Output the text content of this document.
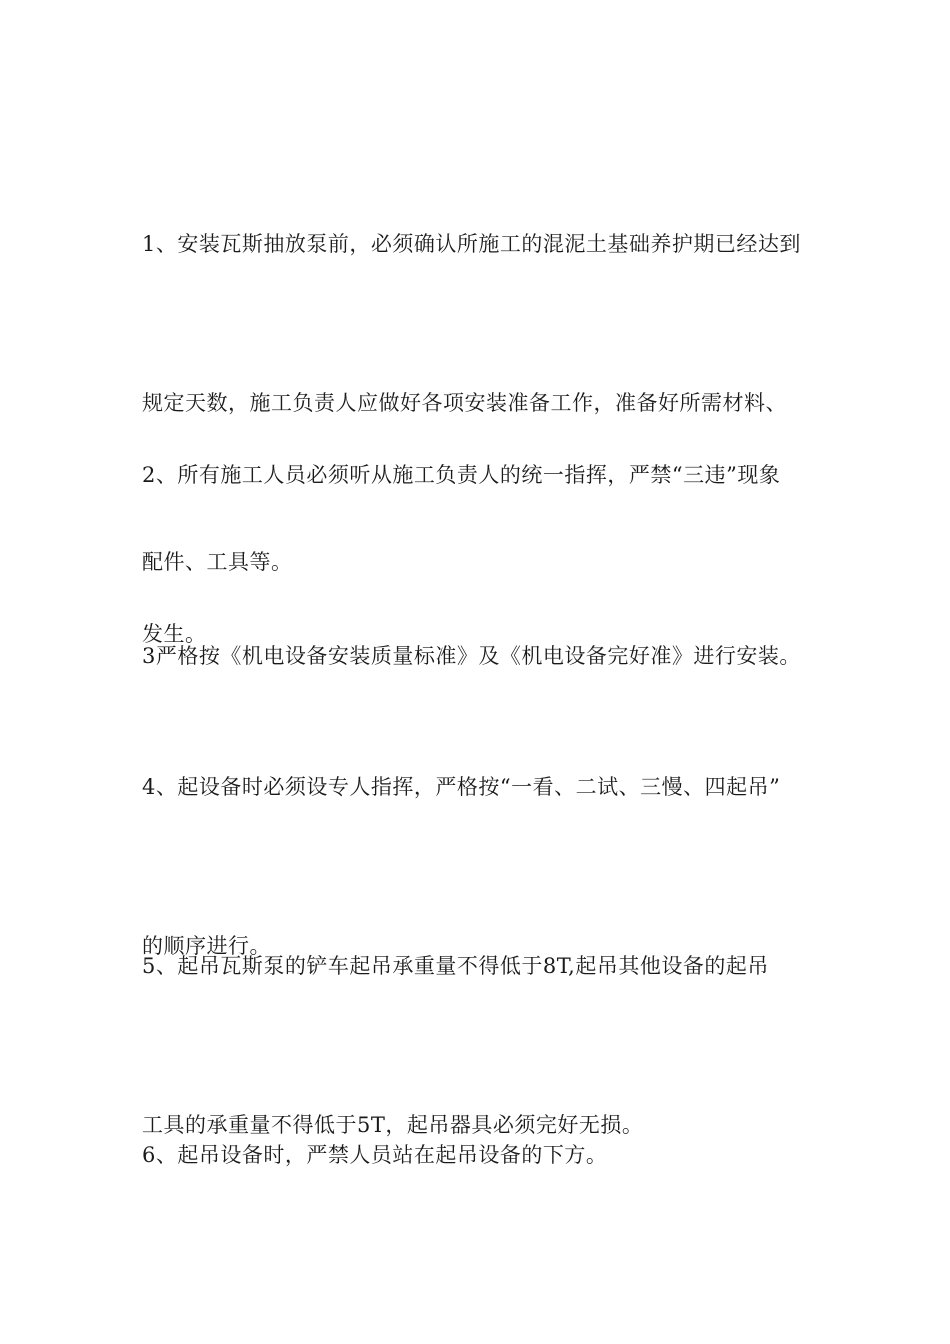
1、安装瓦斯抽放泵前，必须确认所施工的混泥土基础养护期已经达到

规定天数，施工负责人应做好各项安装准备工作，准备好所需材料、

配件、工具等。

2、所有施工人员必须听从施工负责人的统一指挥，严禁“三违”现象

发生。

3严格按《机电设备安装质量标准》及《机电设备完好准》进行安装。

4、起设备时必须设专人指挥，严格按“一看、二试、三慢、四起吊”

的顺序进行。

5、起吊瓦斯泵的铲车起吊承重量不得低于8T,起吊其他设备的起吊

工具的承重量不得低于5T，起吊器具必须完好无损。

6、起吊设备时，严禁人员站在起吊设备的下方。
